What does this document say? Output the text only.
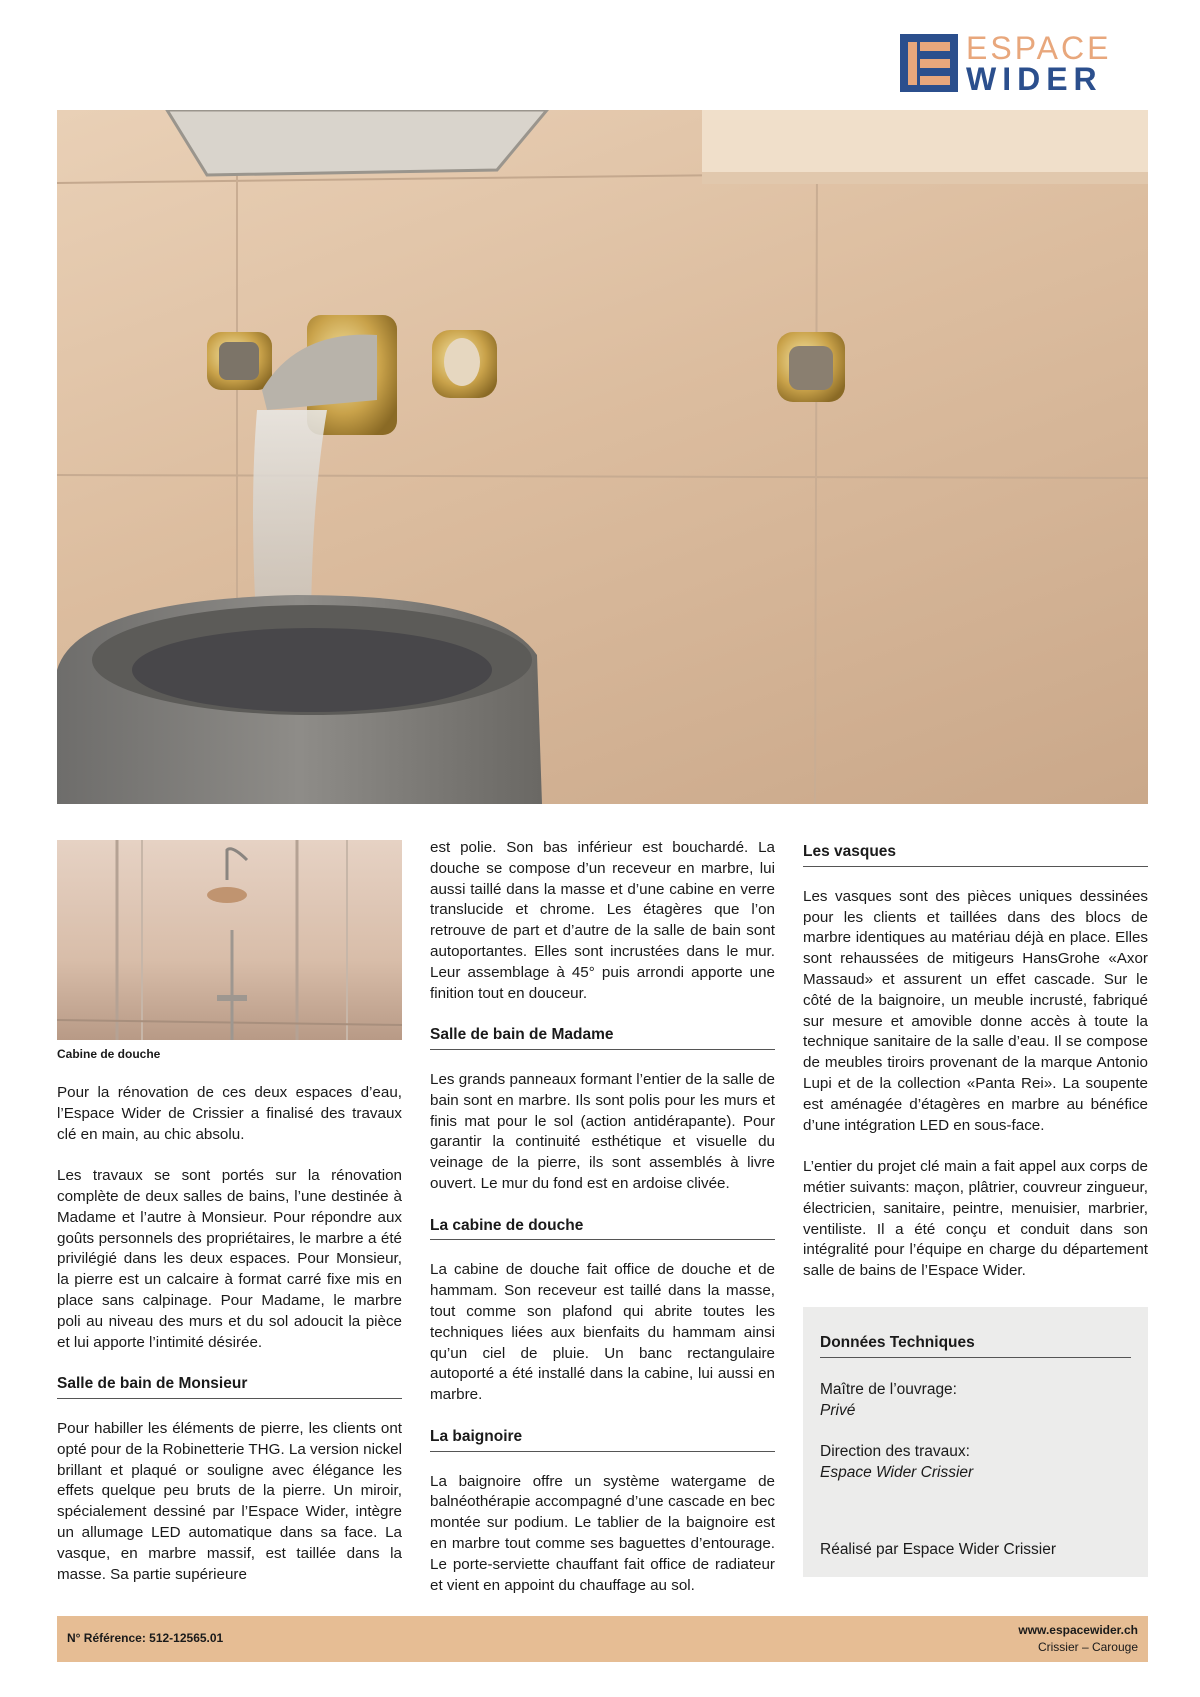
ESPACE
WIDER
Cabine de douche

Pour la rénovation de ces deux espaces d’eau, l’Espace Wider de Crissier a finalisé des travaux clé en main, au chic absolu.

Les travaux se sont portés sur la rénovation complète de deux salles de bains, l’une destinée à Madame et l’autre à Monsieur. Pour répondre aux goûts personnels des propriétaires, le marbre a été privilégié dans les deux espaces. Pour Monsieur, la pierre est un calcaire à format carré fixe mis en place sans calpinage. Pour Madame, le marbre poli au niveau des murs et du sol adoucit la pièce et lui apporte l’intimité désirée.

Salle de bain de Monsieur

Pour habiller les éléments de pierre, les clients ont opté pour de la Robinetterie THG. La version nickel brillant et plaqué or souligne avec élégance les effets quelque peu bruts de la pierre. Un miroir, spécialement dessiné par l’Espace Wider, intègre un allumage LED automatique dans sa face. La vasque, en marbre massif, est taillée dans la masse. Sa partie supérieure

est polie. Son bas inférieur est bouchardé. La douche se compose d’un receveur en marbre, lui aussi taillé dans la masse et d’une cabine en verre translucide et chrome. Les étagères que l’on retrouve de part et d’autre de la salle de bain sont autoportantes. Elles sont incrustées dans le mur. Leur assemblage à 45° puis arrondi apporte une finition tout en douceur.

Salle de bain de Madame

Les grands panneaux formant l’entier de la salle de bain sont en marbre. Ils sont polis pour les murs et finis mat pour le sol (action antidérapante). Pour garantir la continuité esthétique et visuelle du veinage de la pierre, ils sont assemblés à livre ouvert. Le mur du fond est en ardoise clivée.

La cabine de douche

La cabine de douche fait office de douche et de hammam. Son receveur est taillé dans la masse, tout comme son plafond qui abrite toutes les techniques liées aux bienfaits du hammam ainsi qu’un ciel de pluie. Un banc rectangulaire autoporté a été installé dans la cabine, lui aussi en marbre.

La baignoire

La baignoire offre un système watergame de balnéothérapie accompagné d’une cascade en bec montée sur podium. Le tablier de la baignoire est en marbre tout comme ses baguettes d’entourage. Le porte-serviette chauffant fait office de radiateur et vient en appoint du chauffage au sol.

Les vasques

Les vasques sont des pièces uniques dessinées pour les clients et taillées dans des blocs de marbre identiques au matériau déjà en place. Elles sont rehaussées de mitigeurs HansGrohe «Axor Massaud» et assurent un effet cascade. Sur le côté de la baignoire, un meuble incrusté, fabriqué sur mesure et amovible donne accès à toute la technique sanitaire de la salle d’eau. Il se compose de meubles tiroirs provenant de la marque Antonio Lupi et de la collection «Panta Rei». La soupente est aménagée d’étagères en marbre au bénéfice d’une intégration LED en sous-face.

L’entier du projet clé main a fait appel aux corps de métier suivants: maçon, plâtrier, couvreur zingueur, électricien, sanitaire, peintre, menuisier, marbrier, ventiliste. Il a été conçu et conduit dans son intégralité pour l’équipe en charge du département salle de bains de l’Espace Wider.

Données Techniques
Maître de l’ouvrage:
Privé
Direction des travaux:
Espace Wider Crissier
Réalisé par Espace Wider Crissier
N° Référence: 512-12565.01
www.espacewider.ch
Crissier – Carouge
